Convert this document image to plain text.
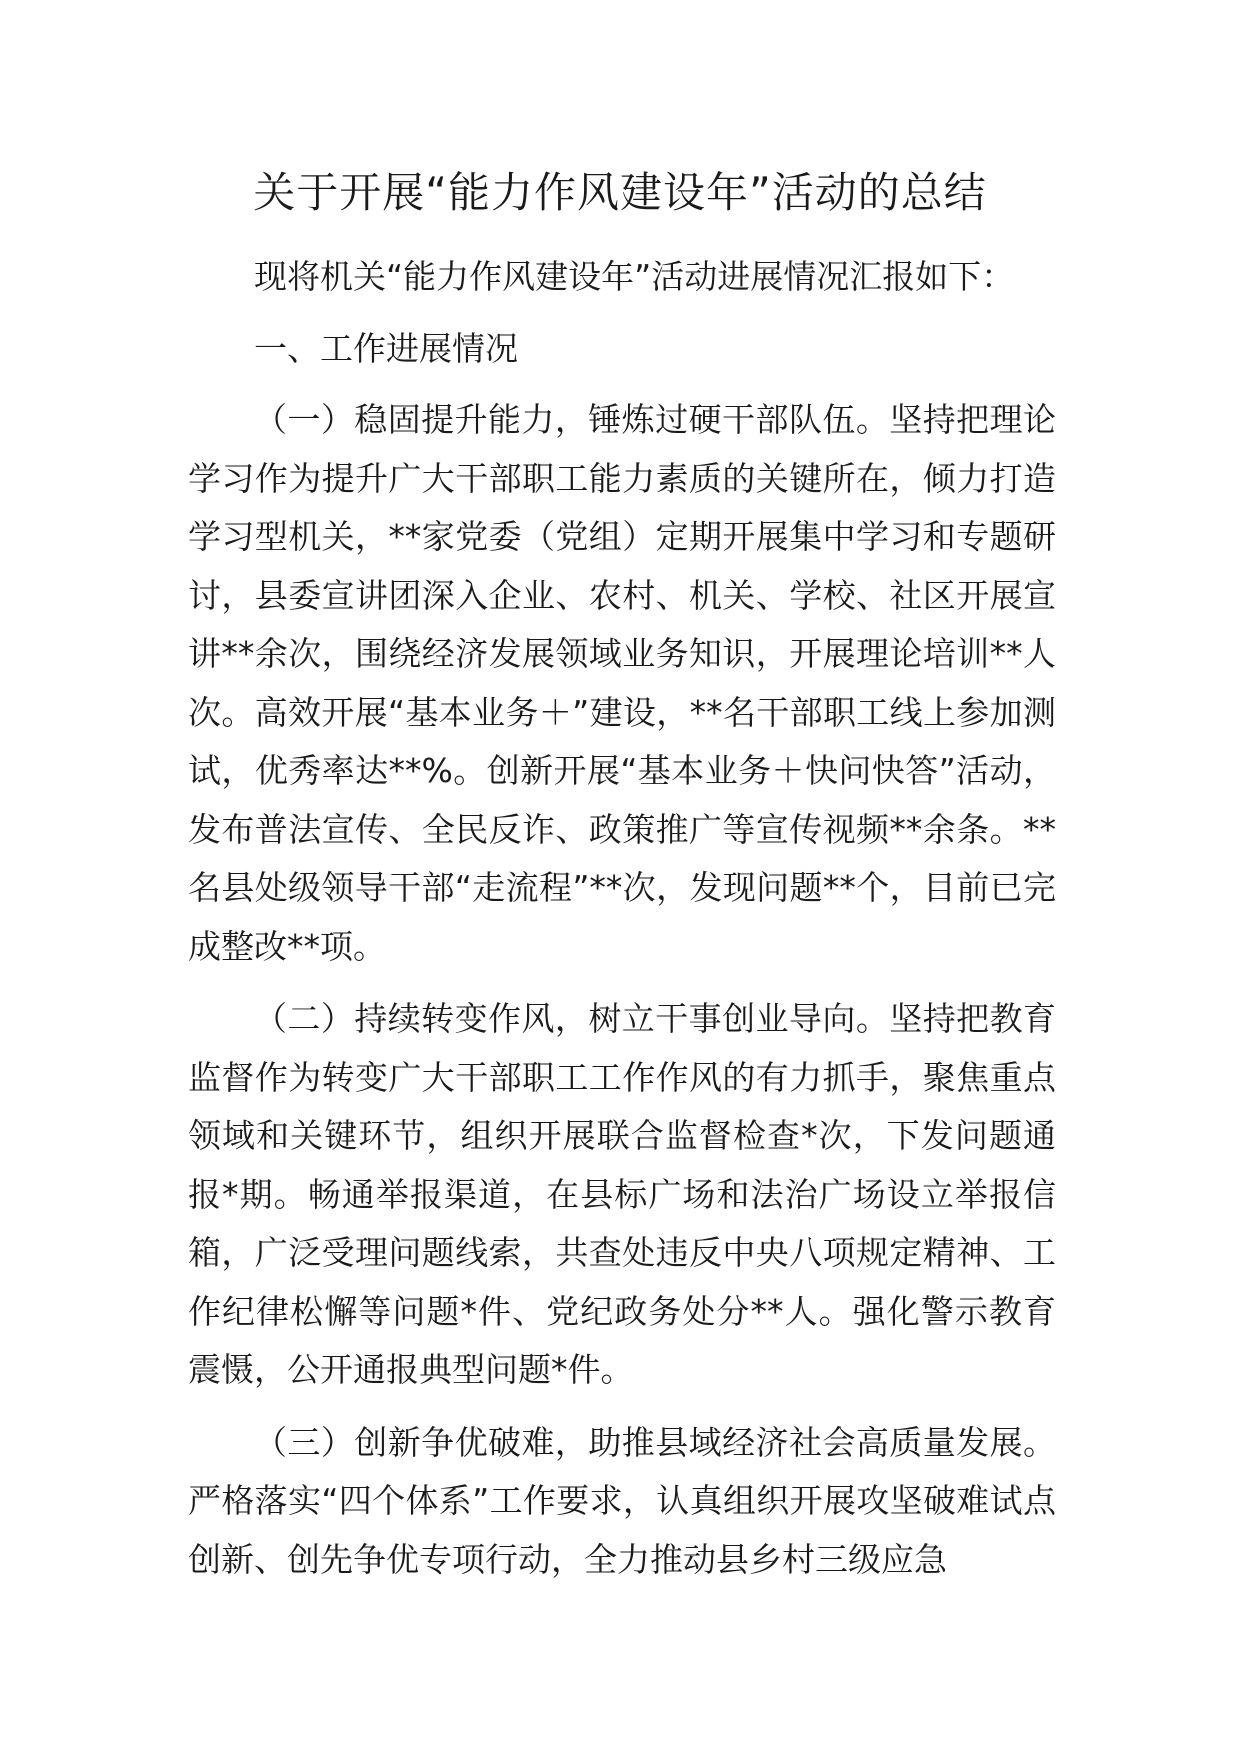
关于开展“能力作风建设年”活动的总结

现将机关“能力作风建设年”活动进展情况汇报如下：

一、工作进展情况

（一）稳固提升能力，锤炼过硬干部队伍。坚持把理论学习作为提升广大干部职工能力素质的关键所在，倾力打造学习型机关，**家党委（党组）定期开展集中学习和专题研讨，县委宣讲团深入企业、农村、机关、学校、社区开展宣讲**余次，围绕经济发展领域业务知识，开展理论培训**人次。高效开展“基本业务＋”建设，**名干部职工线上参加测试，优秀率达**%。创新开展“基本业务＋快问快答”活动，发布普法宣传、全民反诈、政策推广等宣传视频**余条。**名县处级领导干部“走流程”**次，发现问题**个，目前已完成整改**项。

（二）持续转变作风，树立干事创业导向。坚持把教育监督作为转变广大干部职工工作作风的有力抓手，聚焦重点领域和关键环节，组织开展联合监督检查*次，下发问题通报*期。畅通举报渠道，在县标广场和法治广场设立举报信箱，广泛受理问题线索，共查处违反中央八项规定精神、工作纪律松懈等问题*件、党纪政务处分**人。强化警示教育震慑，公开通报典型问题*件。

（三）创新争优破难，助推县域经济社会高质量发展。严格落实“四个体系”工作要求，认真组织开展攻坚破难试点创新、创先争优专项行动，全力推动县乡村三级应急
